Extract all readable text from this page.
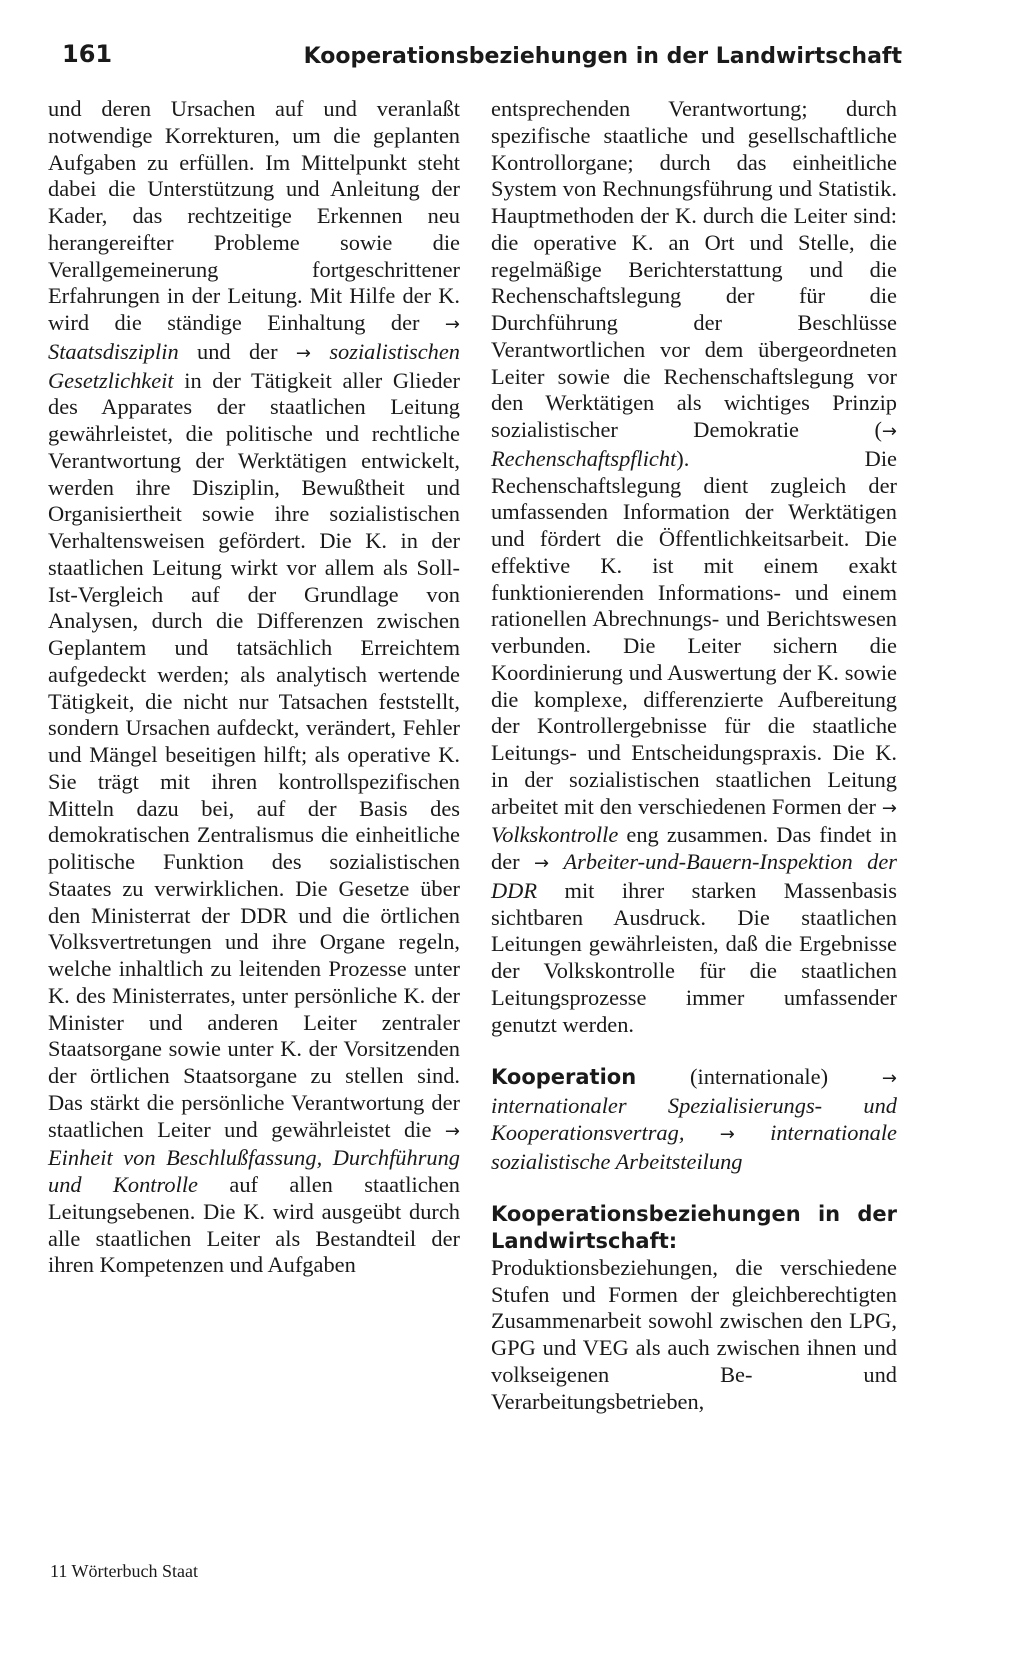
161	Kooperationsbeziehungen in der Landwirtschaft

und deren Ursachen auf und veranlaßt notwendige Korrekturen, um die geplanten Aufgaben zu erfüllen. Im Mittelpunkt steht dabei die Unterstützung und Anleitung der Kader, das rechtzeitige Erkennen neu herangereifter Probleme sowie die Verallgemeinerung fortgeschrittener Erfahrungen in der Leitung. Mit Hilfe der K. wird die ständige Einhaltung der → Staatsdisziplin und der → sozialistischen Gesetzlichkeit in der Tätigkeit aller Glieder des Apparates der staatlichen Leitung gewährleistet, die politische und rechtliche Verantwortung der Werktätigen entwickelt, werden ihre Disziplin, Bewußtheit und Organisiertheit sowie ihre sozialistischen Verhaltensweisen gefördert. Die K. in der staatlichen Leitung wirkt vor allem als Soll-Ist-Vergleich auf der Grundlage von Analysen, durch die Differenzen zwischen Geplantem und tatsächlich Erreichtem aufgedeckt werden; als analytisch wertende Tätigkeit, die nicht nur Tatsachen feststellt, sondern Ursachen aufdeckt, verändert, Fehler und Mängel beseitigen hilft; als operative K. Sie trägt mit ihren kontrollspezifischen Mitteln dazu bei, auf der Basis des demokratischen Zentralismus die einheitliche politische Funktion des sozialistischen Staates zu verwirklichen. Die Gesetze über den Ministerrat der DDR und die örtlichen Volksvertretungen und ihre Organe regeln, welche inhaltlich zu leitenden Prozesse unter K. des Ministerrates, unter persönliche K. der Minister und anderen Leiter zentraler Staatsorgane sowie unter K. der Vorsitzenden der örtlichen Staatsorgane zu stellen sind. Das stärkt die persönliche Verantwortung der staatlichen Leiter und gewährleistet die → Einheit von Beschlußfassung, Durchführung und Kontrolle auf allen staatlichen Leitungsebenen. Die K. wird ausgeübt durch alle staatlichen Leiter als Bestandteil der ihren Kompetenzen und Aufgaben

entsprechenden Verantwortung; durch spezifische staatliche und gesellschaftliche Kontrollorgane; durch das einheitliche System von Rechnungsführung und Statistik. Hauptmethoden der K. durch die Leiter sind: die operative K. an Ort und Stelle, die regelmäßige Berichterstattung und die Rechenschaftslegung der für die Durchführung der Beschlüsse Verantwortlichen vor dem übergeordneten Leiter sowie die Rechenschaftslegung vor den Werktätigen als wichtiges Prinzip sozialistischer Demokratie (→ Rechenschaftspflicht). Die Rechenschaftslegung dient zugleich der umfassenden Information der Werktätigen und fördert die Öffentlichkeitsarbeit. Die effektive K. ist mit einem exakt funktionierenden Informations- und einem rationellen Abrechnungs- und Berichtswesen verbunden. Die Leiter sichern die Koordinierung und Auswertung der K. sowie die komplexe, differenzierte Aufbereitung der Kontrollergebnisse für die staatliche Leitungs- und Entscheidungspraxis. Die K. in der sozialistischen staatlichen Leitung arbeitet mit den verschiedenen Formen der → Volkskontrolle eng zusammen. Das findet in der → Arbeiter-und-Bauern-Inspektion der DDR mit ihrer starken Massenbasis sichtbaren Ausdruck. Die staatlichen Leitungen gewährleisten, daß die Ergebnisse der Volkskontrolle für die staatlichen Leitungsprozesse immer umfassender genutzt werden.

Kooperation (internationale)	→ internationaler Spezialisierungs- und Kooperationsvertrag, → internationale sozialistische Arbeitsteilung

Kooperationsbeziehungen in der Landwirtschaft: Produktionsbeziehungen, die verschiedene Stufen und Formen der gleichberechtigten Zusammenarbeit sowohl zwischen den LPG, GPG und VEG als auch zwischen ihnen und volkseigenen Be- und Verarbeitungsbetrieben,

11 Wörterbuch Staat
